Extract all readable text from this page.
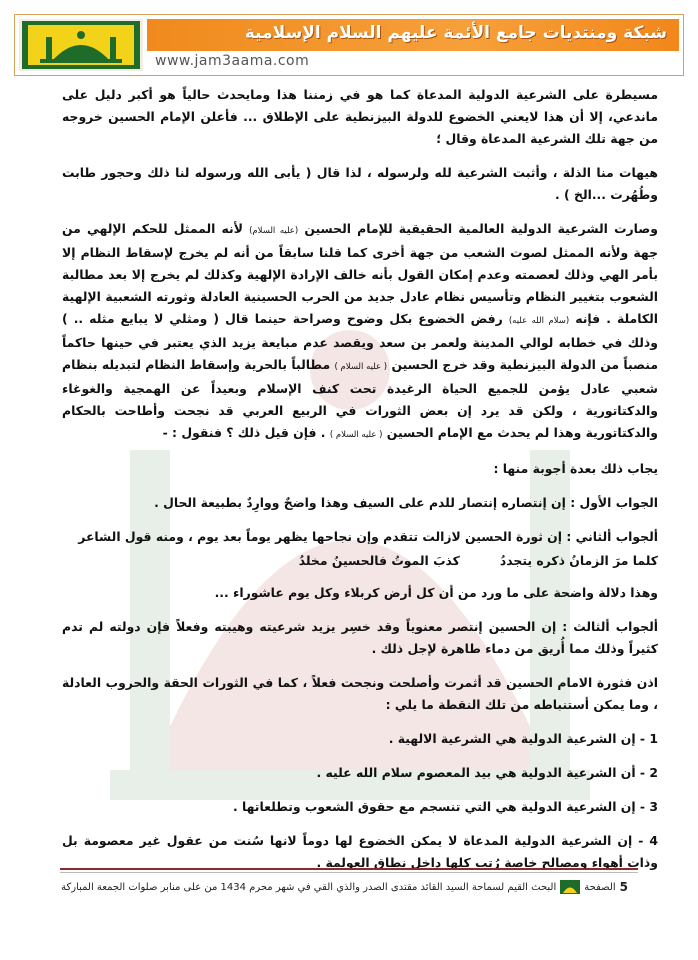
شبكة ومنتديات جامع الأئمة عليهم السلام الإسلامية
www.jam3aama.com

مسيطرة على الشرعية الدولية المدعاة كما هو في زمننا هذا ومايحدث حالياً هو أكبر دليل على ماندعي، إلا أن هذا لايعني الخضوع للدولة البيزنطية على الإطلاق ... فأعلن الإمام الحسين خروجه من جهة تلك الشرعية المدعاة وقال ؛

هيهات منا الذلة ، وأثبت الشرعية لله ولرسوله ، لذا قال ( يأبى الله ورسوله لنا ذلك وحجور طابت وطُهُرت ...الخ ) .

وصارت الشرعية الدولية العالمية الحقيقية للإمام الحسين (عليه السلام) لأنه الممثل للحكم الإلهي من جهة ولأنه الممثل لصوت الشعب من جهة أخرى كما قلنا سابقاً من أنه لم يخرج لإسقاط النظام إلا بأمر الهي وذلك لعصمته وعدم إمكان القول بأنه خالف الإرادة الإلهية وكذلك لم يخرج إلا بعد مطالبة الشعوب بتغيير النظام وتأسيس نظام عادل جديد من الحرب الحسينية العادلة وثورته الشعبية الإلهية الكاملة . فإنه (سلام الله عليه) رفض الخضوع بكل وضوح وصراحة حينما قال ( ومثلي لا يبايع مثله .. ) وذلك في خطابه لوالي المدينة ولعمر بن سعد ويقصد عدم مبايعة يزيد الذي يعتبر في حينها حاكماً منصباً من الدولة البيزنطية وقد خرج الحسين ( عليه السلام ) مطالباً بالحرية وإسقاط النظام لتبديله بنظام شعبي عادل يؤمن للجميع الحياة الرغيدة تحت كنف الإسلام وبعيداً عن الهمجية والغوغاء والدكتاتورية ، ولكن قد يرد إن بعض الثورات في الربيع العربي قد نجحت وأطاحت بالحكام والدكتاتورية وهذا لم يحدث مع الإمام الحسين ( عليه السلام ) . فإن قيل ذلك ؟ فنقول : -

يجاب ذلك بعدة أجوبة منها :

الجواب الأول : إن إنتصاره إنتصار للدم على السيف وهذا واضحٌ ووارِدٌ بطبيعة الحال .

ألجواب ألثاني : إن ثورة الحسين لازالت تتقدم وإن نجاحها يظهر يوماً بعد يوم ، ومنه قول الشاعر

كلما مرَ الزمانُ ذكره يتجددُ
كذبَ الموتُ فالحسينُ مخلدُ

وهذا دلالة واضحة على ما ورد من أن كل أرض كربلاء وكل يوم عاشوراء ...

ألجواب ألثالث : إن الحسين إنتصر معنوياً وقد خسِر يزيد شرعيته وهيبته وفعلاً فإن دولته لم تدم كثيراً وذلك مما أُريق من دماء طاهرة لإجل ذلك .

اذن فثورة الامام الحسين قد أثمرت وأصلحت ونجحت فعلاً ، كما في الثورات الحقة والحروب العادلة ، وما يمكن أستنباطه من تلك النقطة ما يلي :

1 - إن الشرعية الدولية هي الشرعية الالهية .

2 - أن الشرعية الدولية هي بيد المعصوم سلام الله عليه .

3 - إن الشرعية الدولية هي التي تنسجم مع حقوق الشعوب وتطلعاتها .

4 - إن الشرعية الدولية المدعاة لا يمكن الخضوع لها دوماً لانها سُنت من عقول غير معصومة بل وذات أهواء ومصالح خاصة رُتب كلها داخل نطاق العولمة .

5
الصفحة
البحث القيم لسماحة السيد القائد مقتدى الصدر والذي القي في شهر محرم 1434 من على منابر صلوات الجمعة المباركة
